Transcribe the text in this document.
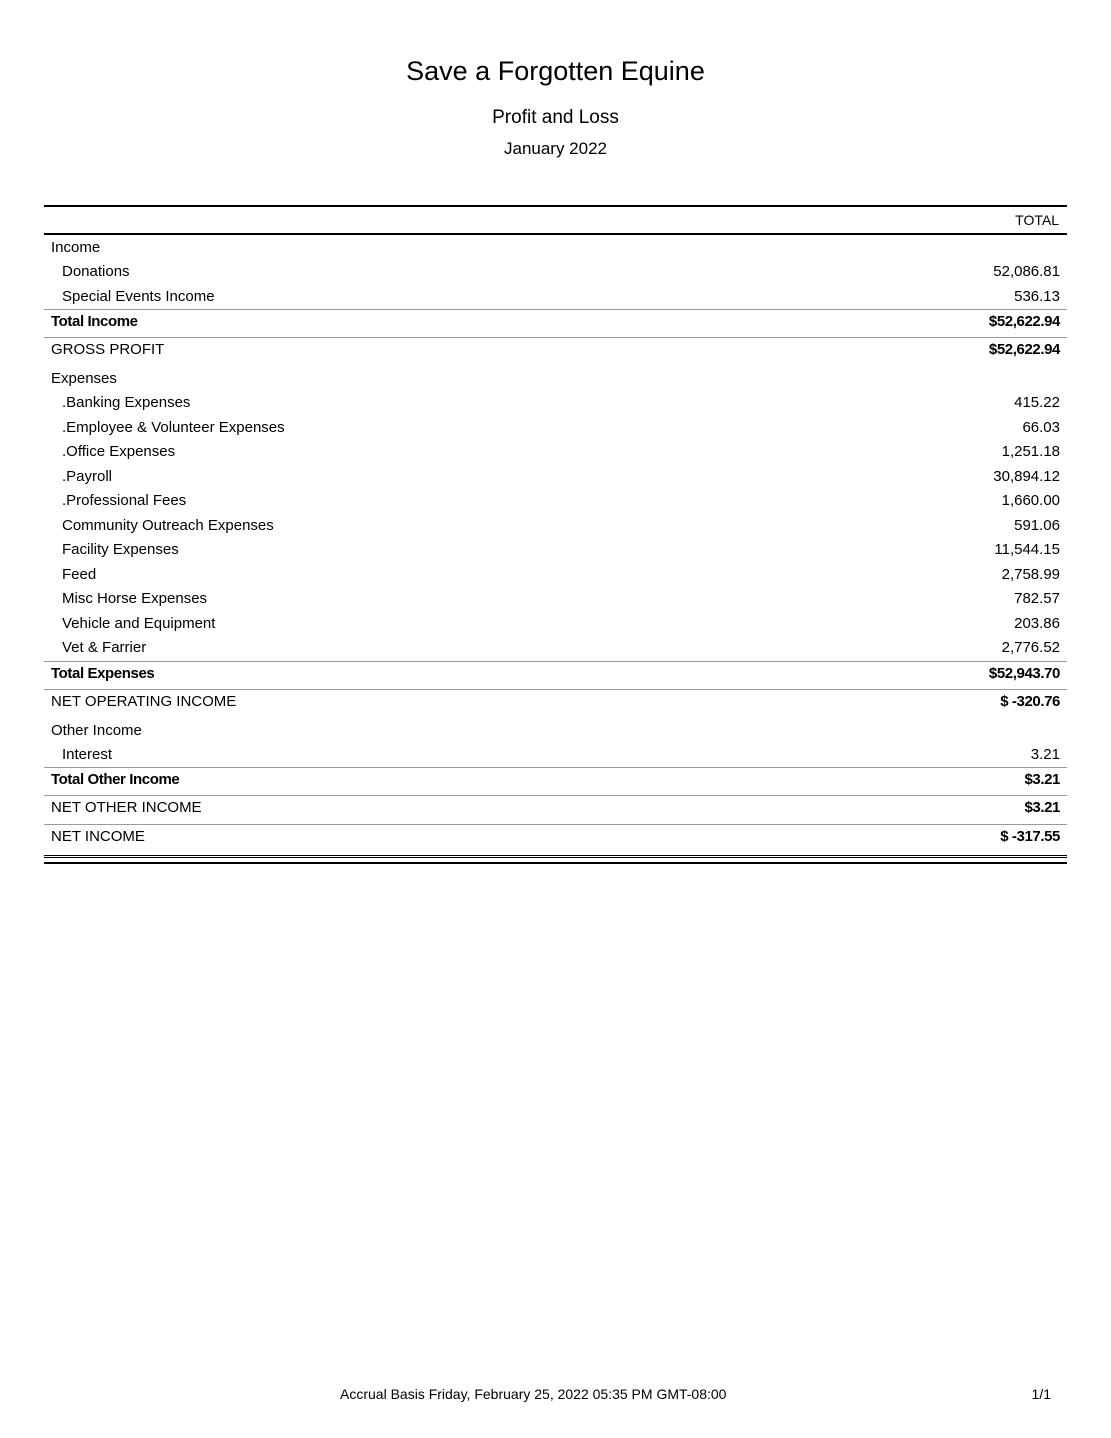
Save a Forgotten Equine
Profit and Loss
January 2022
TOTAL
Income
Donations	52,086.81
Special Events Income	536.13
Total Income	$52,622.94
GROSS PROFIT	$52,622.94
Expenses
.Banking Expenses	415.22
.Employee & Volunteer Expenses	66.03
.Office Expenses	1,251.18
.Payroll	30,894.12
.Professional Fees	1,660.00
Community Outreach Expenses	591.06
Facility Expenses	11,544.15
Feed	2,758.99
Misc Horse Expenses	782.57
Vehicle and Equipment	203.86
Vet & Farrier	2,776.52
Total Expenses	$52,943.70
NET OPERATING INCOME	$ -320.76
Other Income
Interest	3.21
Total Other Income	$3.21
NET OTHER INCOME	$3.21
NET INCOME	$ -317.55
Accrual Basis Friday, February 25, 2022 05:35 PM GMT-08:00	1/1
